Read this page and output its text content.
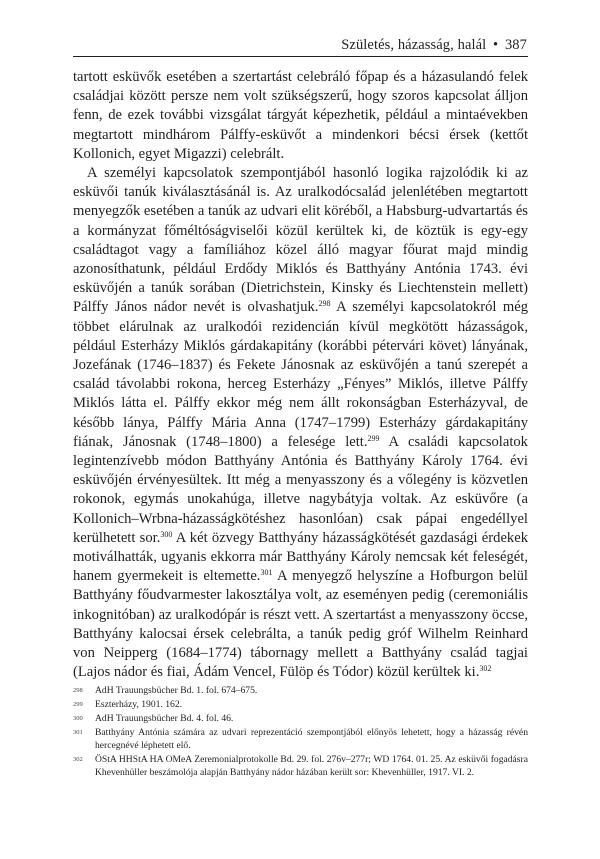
Születés, házasság, halál • 387

tartott esküvők esetében a szertartást celebráló főpap és a házasulandó felek családjai között persze nem volt szükségszerű, hogy szoros kapcsolat álljon fenn, de ezek további vizsgálat tárgyát képezhetik, például a mintaévekben megtartott mindhárom Pálffy-esküvőt a mindenkori bécsi érsek (kettőt Kollonich, egyet Migazzi) celebrált.

A személyi kapcsolatok szempontjából hasonló logika rajzolódik ki az esküvői tanúk kiválasztásánál is. Az uralkodócsalád jelenlétében megtartott menyegzők esetében a tanúk az udvari elit köréből, a Habsburg-udvartartás és a kormányzat főméltóságviselői közül kerültek ki, de köztük is egy-egy családtagot vagy a famíliához közel álló magyar főurat majd mindig azonosíthatunk, például Erdődy Miklós és Batthyány Antónia 1743. évi esküvőjén a tanúk sorában (Dietrichstein, Kinsky és Liechtenstein mellett) Pálffy János nádor nevét is olvashatjuk.$^{298}$ A személyi kapcsolatokról még többet elárulnak az uralkodói rezidencián kívül megkötött házasságok, például Esterházy Miklós gárdakapitány (korábbi pétervári követ) lányának, Jozefának (1746–1837) és Fekete Jánosnak az esküvőjén a tanú szerepét a család távolabbi rokona, herceg Esterházy „Fényes” Miklós, illetve Pálffy Miklós látta el. Pálffy ekkor még nem állt rokonságban Esterházyval, de később lánya, Pálffy Mária Anna (1747–1799) Esterházy gárdakapitány fiának, Jánosnak (1748–1800) a felesége lett.$^{299}$ A családi kapcsolatok legintenzívebb módon Batthyány Antónia és Batthyány Károly 1764. évi esküvőjén érvényesültek. Itt még a menyasszony és a vőlegény is közvetlen rokonok, egymás unokahúga, illetve nagybátyja voltak. Az esküvőre (a Kollonich–Wrbna-házasságkötéshez hasonlóan) csak pápai engedéllyel kerülhetett sor.$^{300}$ A két özvegy Batthyány házasságkötését gazdasági érdekek motiválhatták, ugyanis ekkorra már Batthyány Károly nemcsak két feleségét, hanem gyermekeit is eltemette.$^{301}$ A menyegző helyszíne a Hofburgon belül Batthyány főudvarmester lakosztálya volt, az eseményen pedig (ceremoniális inkognitóban) az uralkodópár is részt vett. A szertartást a menyasszony öccse, Batthyány kalocsai érsek celebrálta, a tanúk pedig gróf Wilhelm Reinhard von Neipperg (1684–1774) tábornagy mellett a Batthyány család tagjai (Lajos nádor és fiai, Ádám Vencel, Fülöp és Tódor) közül kerültek ki.$^{302}$

298	AdH Trauungsbücher Bd. 1. fol. 674–675.
299	Eszterházy, 1901. 162.
300	AdH Trauungsbücher Bd. 4. fol. 46.
301	Batthyány Antónia számára az udvari reprezentáció szempontjából előnyös lehetett, hogy a házasság révén hercegnévé léphetett elő.
302	ÖStA HHStA HA OMeA Zeremonialprotokolle Bd. 29. fol. 276v–277r; WD 1764. 01. 25. Az esküvői fogadásra Khevenhüller beszámolója alapján Batthyány nádor házában került sor: Khevenhüller, 1917. VI. 2.
